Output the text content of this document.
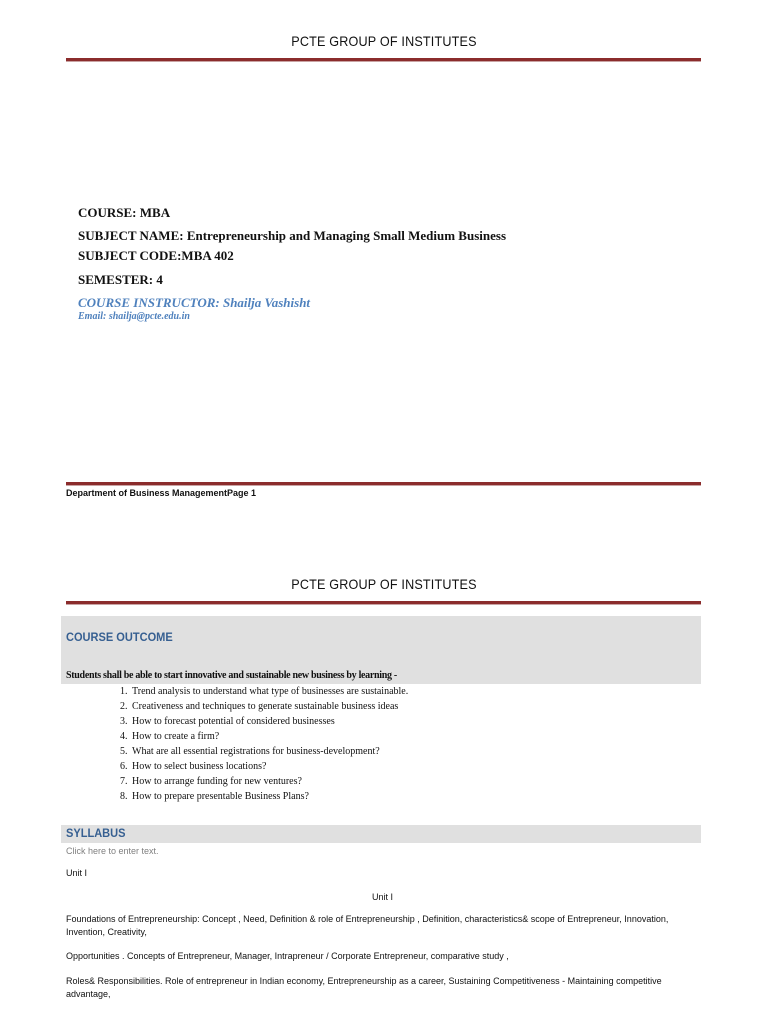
PCTE GROUP OF INSTITUTES
COURSE: MBA
SUBJECT NAME: Entrepreneurship and Managing Small Medium Business
SUBJECT CODE:MBA 402
SEMESTER: 4
COURSE INSTRUCTOR: Shailja Vashisht
Email: shailja@pcte.edu.in
Department of Business ManagementPage 1
PCTE GROUP OF INSTITUTES
COURSE OUTCOME
Students shall be able to start innovative and sustainable new business by learning -
1. Trend analysis to understand what type of businesses are sustainable.
2. Creativeness and techniques to generate sustainable business ideas
3. How to forecast potential of considered businesses
4. How to create a firm?
5. What are all essential registrations for business-development?
6. How to select business locations?
7. How to arrange funding for new ventures?
8. How to prepare presentable Business Plans?
SYLLABUS
Click here to enter text.
Unit I
Unit I
Foundations of Entrepreneurship: Concept , Need, Definition & role of Entrepreneurship , Definition, characteristics& scope of Entrepreneur, Innovation, Invention, Creativity,
Opportunities . Concepts of Entrepreneur, Manager, Intrapreneur / Corporate Entrepreneur, comparative study ,
Roles& Responsibilities. Role of entrepreneur in Indian economy, Entrepreneurship as a career, Sustaining Competitiveness - Maintaining competitive advantage,
